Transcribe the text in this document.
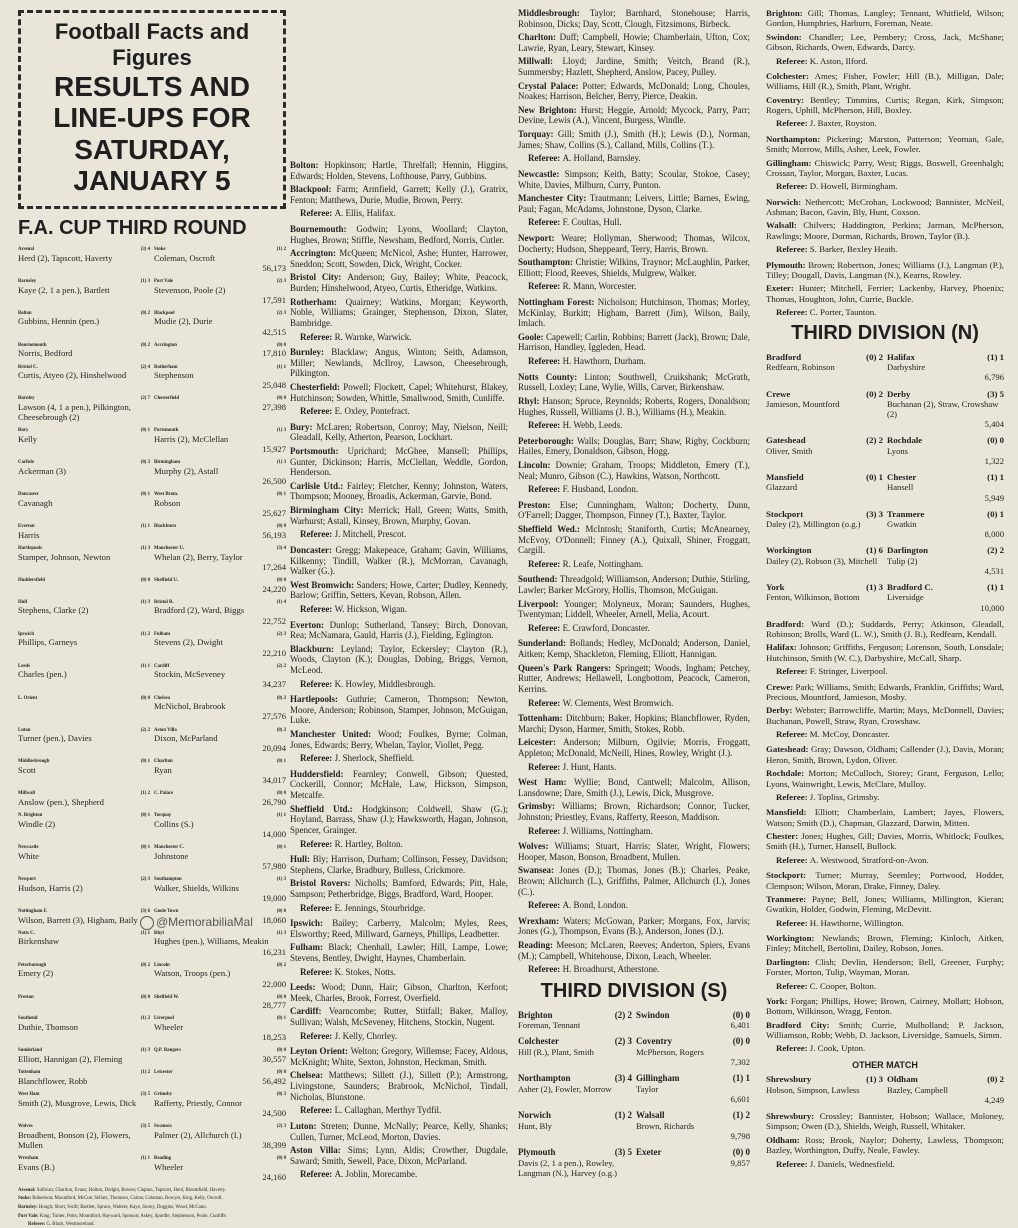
Football Facts and Figures
RESULTS AND LINE-UPS FOR
SATURDAY, JANUARY 5
F.A. CUP THIRD ROUND
Arsenal	(3) 4
Herd (2), Tapscott, Haverty
Stoke	(1) 2
Coleman, Oscroft
56,173
Barnsley	(1) 3
Kaye (2, 1 a pen.), Bartlett
Port Vale	(2) 3
Stevenson, Poole (2)
17,591
Bolton	(0) 2
Gubbins, Hennin (pen.)
Blackpool	(2) 3
Mudie (2), Durie
42,515
Bournemouth	(0) 2
Norris, Bedford
Accrington	(0) 0
17,810
Bristol C.	(2) 4
Curtis, Atyeo (2), Hinshelwood
Rotherham	(1) 1
Stephenson
25,048
Burnley	(2) 7
Lawson (4, 1 a pen.), Pilkington, Cheesebrough (2)
Chesterfield	(0) 0
27,398
Bury	(0) 1
Kelly
Portsmouth	(1) 3
Harris (2), McClellan
15,927
Carlisle	(0) 3
Ackerman (3)
Birmingham	(1) 3
Murphy (2), Astall
26,500
Doncaster	(0) 1
Cavanagh
West Brom.	(0) 1
Robson
25,627
Everton	(1) 1
Harris
Blackburn	(0) 0
56,193
Hartlepools	(1) 3
Stamper, Johnson, Newton
Manchester U.	(3) 4
Whelan (2), Berry, Taylor
17,264
Huddersfield	(0) 0 Sheffield U.	(0) 0
24,220
Hull	(1) 3
Stephens, Clarke (2)
Bristol R.	(1) 4
Bradford (2), Ward, Biggs
22,752
Ipswich	(1) 2
Phillips, Garneys
Fulham	(2) 3
Stevens (2), Dwight
22,210
Leeds	(1) 1
Charles (pen.)
Cardiff	(2) 2
Stockin, McSeveney
34,237
L. Orient	(0) 0 Chelsea	(0) 2
McNichol, Brabrook
27,576
Luton	(2) 2
Turner (pen.), Davies
Aston Villa	(0) 2
Dixon, McParland
20,094
Middlesbrough	(0) 1
Scott
Charlton	(0) 1
Ryan
34,017
Millwall	(1) 2
Anslow (pen.), Shepherd
C. Palace	(0) 0
26,790
N. Brighton	(0) 1
Windle (2)
Torquay	(1) 1
Collins (S.)
14,000
Newcastle	(0) 1
White
Manchester C.	(0) 1
Johnstone
57,980
Newport	(2) 3
Hudson, Harris (2)
Southampton	(1) 3
Walker, Shields, Wilkins
19,000
Nottingham F.	(3) 6
Wilson, Barrett (3), Higham, Baily
Goole Town	(0) 0
18,060
Notts C.	(1) 1
Birkenshaw
Rhyl	(1) 3
Hughes (pen.), Williams, Meakin
16,231
Peterborough	(0) 2
Emery (2)
Lincoln	(0) 2
Watson, Troops (pen.)
22,000
Preston	(0) 0 Sheffield W.	(0) 0
28,777
Southend	(1) 2
Duthie, Thomson
Liverpool	(0) 1
Wheeler
18,253
Sunderland	(1) 3
Elliott, Hannigan (2), Fleming
Q.P. Rangers	(0) 0
30,557
Tottenham	(1) 2
Blanchflower, Robb
Leicester	(0) 0
56,492
West Ham	(3) 5
Smith (2), Musgrove, Lewis, Dick
Grimsby	(0) 3
Rafferty, Priestly, Connor
24,500
Wolves	(3) 5
Broadbent, Bonson (2), Flowers, Mullen
Swansea	(2) 3
Palmer (2), Allchurch (I.)
38,399
Wrexham	(1) 1
Evans (B.)
Reading	(0) 0
Wheeler
24,160
Arsenal: Sullivan; Charlton, Evans; Holton, Dodgin, Bowen; Clapton, Tapscott, Herd, Bloomfield, Haverty.
Stoke: Robertson; Mountford, McCue; Sellars, Thomson, Cairns; Coleman, Bowyer, King, Kelly, Oscroft.
Barnsley: Hough; Short, Swift; Bartlett, Spruce, Walters; Kaye, Storey, Duggins, Wood, McCann.
Port Vale: King; Turner, Potts; Mountford, Hayward, Sproson; Askey, Spurdle, Stephenson, Poole, Cunliffe.
Referee: G. Black, Westmoreland.
@MemorabiliaMal
Bolton: Hopkinson; Hartle, Threlfall; Hennin, Higgins, Edwards; Holden, Stevens, Lofthouse, Parry, Gubbins.
Blackpool: Farm; Armfield, Garrett; Kelly (J.), Gratrix, Fenton; Matthews, Durie, Mudie, Brown, Perry.
Referee: A. Ellis, Halifax.
Bournemouth: Godwin; Lyons, Woollard; Clayton, Hughes, Brown; Stiffle, Newsham, Bedford, Norris, Cutler.
Accrington: McQueen; McNicol, Ashe; Hunter, Harrower, Sneddon; Scott, Sowden, Dick, Wright, Cocker.
Bristol City: Anderson; Guy, Bailey; White, Peacock, Burden; Hinshelwood, Atyeo, Curtis, Etheridge, Watkins.
Rotherham: Quairney; Watkins, Morgan; Keyworth, Noble, Williams; Grainger, Stephenson, Dixon, Slater, Bambridge.
Referee: R. Warnke, Warwick.
Burnley: Blacklaw; Angus, Winton; Seith, Adamson, Miller; Newlands, McIlroy, Lawson, Cheesebrough, Pilkington.
Chesterfield: Powell; Flockett, Capel; Whitehurst, Blakey, Hutchinson; Sowden, Whittle, Smallwood, Smith, Cunliffe.
Referee: E. Oxley, Pontefract.
Bury: McLaren; Robertson, Conroy; May, Nielson, Neill; Gleadall, Kelly, Atherton, Pearson, Lockhart.
Portsmouth: Uprichard; McGhee, Mansell; Phillips, Gunter, Dickinson; Harris, McClellan, Weddle, Gordon, Henderson.
Carlisle Utd.: Fairley; Fletcher, Kenny; Johnston, Waters, Thompson; Mooney, Broadis, Ackerman, Garvie, Bond.
Birmingham City: Merrick; Hall, Green; Watts, Smith, Warhurst; Astall, Kinsey, Brown, Murphy, Govan.
Referee: J. Mitchell, Prescot.
Doncaster: Gregg; Makepeace, Graham; Gavin, Williams, Kilkenny; Tindill, Walker (R.), McMorran, Cavanagh, Walker (G.).
West Bromwich: Sanders; Howe, Carter; Dudley, Kennedy, Barlow; Griffin, Setters, Kevan, Robson, Allen.
Referee: W. Hickson, Wigan.
Everton: Dunlop; Sutherland, Tansey; Birch, Donovan, Rea; McNamara, Gauld, Harris (J.), Fielding, Eglington.
Blackburn: Leyland; Taylor, Eckersley; Clayton (R.), Woods, Clayton (K.); Douglas, Dobing, Briggs, Vernon, McLeod.
Referee: K. Howley, Middlesbrough.
Hartlepools: Guthrie; Cameron, Thompson; Newton, Moore, Anderson; Robinson, Stamper, Johnson, McGuigan, Luke.
Manchester United: Wood; Foulkes, Byrne; Colman, Jones, Edwards; Berry, Whelan, Taylor, Viollet, Pegg.
Referee: J. Sherlock, Sheffield.
Huddersfield: Fearnley; Conwell, Gibson; Quested, Cockerill, Connor; McHale, Law, Hickson, Simpson, Metcalfe.
Sheffield Utd.: Hodgkinson; Coldwell, Shaw (G.); Hoyland, Barrass, Shaw (J.); Hawksworth, Hagan, Johnson, Spencer, Grainger.
Referee: R. Hartley, Bolton.
Hull: Bly; Harrison, Durham; Collinson, Fessey, Davidson; Stephens, Clarke, Bradbury, Bulless, Crickmore.
Bristol Rovers: Nicholls; Bamford, Edwards; Pitt, Hale, Sampson; Petherbridge, Biggs, Bradford, Ward, Hooper.
Referee: E. Jennings, Stourbridge.
Ipswich: Bailey; Carberry, Malcolm; Myles, Rees, Elsworthy; Reed, Millward, Garneys, Phillips, Leadbetter.
Fulham: Black; Chenhall, Lawler; Hill, Lampe, Lowe; Stevens, Bentley, Dwight, Haynes, Chamberlain.
Referee: K. Stokes, Notts.
Leeds: Wood; Dunn, Hair; Gibson, Charlton, Kerfoot; Meek, Charles, Brook, Forrest, Overfield.
Cardiff: Vearncombe; Rutter, Stitfall; Baker, Malloy, Sullivan; Walsh, McSeveney, Hitchens, Stockin, Nugent.
Referee: J. Kelly, Chorley.
Leyton Orient: Welton; Gregory, Willemse; Facey, Aldous, McKnight; White, Sexton, Johnston, Heckman, Smith.
Chelsea: Matthews; Sillett (J.), Sillett (P.); Armstrong, Livingstone, Saunders; Brabrook, McNichol, Tindall, Nicholas, Blunstone.
Referee: L. Callaghan, Merthyr Tydfil.
Luton: Streten; Dunne, McNally; Pearce, Kelly, Shanks; Cullen, Turner, McLeod, Morton, Davies.
Aston Villa: Sims; Lynn, Aldis; Crowther, Dugdale, Saward; Smith, Sewell, Pace, Dixon, McParland.
Referee: A. Joblin, Morecambe.
Middlesbrough: Taylor; Barnhard, Stonehouse; Harris, Robinson, Dicks; Day, Scott, Clough, Fitzsimons, Birbeck.
Charlton: Duff; Campbell, Howie; Chamberlain, Ufton, Cox; Lawrie, Ryan, Leary, Stewart, Kinsey.
Millwall: Lloyd; Jardine, Smith; Veitch, Brand (R.), Summersby; Hazlett, Shepherd, Anslow, Pacey, Pulley.
Crystal Palace: Potter; Edwards, McDonald; Long, Choules, Noakes; Harrison, Belcher, Berry, Pierce, Deakin.
New Brighton: Hurst; Heggie, Arnold; Mycock, Parry, Parr; Devine, Lewis (A.), Vincent, Burgess, Windle.
Torquay: Gill; Smith (J.), Smith (H.); Lewis (D.), Norman, James; Shaw, Collins (S.), Calland, Mills, Collins (T.).
Referee: A. Holland, Barnsley.
Newcastle: Simpson; Keith, Batty; Scoular, Stokoe, Casey; White, Davies, Milburn, Curry, Punton.
Manchester City: Trautmann; Leivers, Little; Barnes, Ewing, Paul; Fagan, McAdams, Johnstone, Dyson, Clarke.
Referee: F. Coultas, Hull.
Newport: Weare; Hollyman, Sherwood; Thomas, Wilcox, Docherty; Hudson, Sheppeard, Terry, Harris, Brown.
Southampton: Christie; Wilkins, Traynor; McLaughlin, Parker, Elliott; Flood, Reeves, Shields, Mulgrew, Walker.
Referee: R. Mann, Worcester.
Nottingham Forest: Nicholson; Hutchinson, Thomas; Morley, McKinlay, Burkitt; Higham, Barrett (Jim), Wilson, Baily, Imlach.
Goole: Capewell; Carlin, Robbins; Barrett (Jack), Brown; Dale, Harrison, Handley, Iggleden, Head.
Referee: H. Hawthorn, Durham.
Notts County: Linton; Southwell, Cruikshank; McGrath, Russell, Loxley; Lane, Wylie, Wills, Carver, Birkenshaw.
Rhyl: Hanson; Spruce, Reynolds; Roberts, Rogers, Donaldson; Hughes, Russell, Williams (J. B.), Williams (H.), Meakin.
Referee: H. Webb, Leeds.
Peterborough: Walls; Douglas, Barr; Shaw, Rigby, Cockburn; Hailes, Emery, Donaldson, Gibson, Hogg.
Lincoln: Downie; Graham, Troops; Middleton, Emery (T.), Neal; Munro, Gibson (C.), Hawkins, Watson, Northcott.
Referee: F. Husband, London.
Preston: Else; Cunningham, Walton; Docherty, Dunn, O'Farrell; Dagger, Thompson, Finney (T.), Baxter, Taylor.
Sheffield Wed.: McIntosh; Staniforth, Curtis; McAnearney, McEvoy, O'Donnell; Finney (A.), Quixall, Shiner, Froggatt, Cargill.
Referee: R. Leafe, Nottingham.
Southend: Threadgold; Williamson, Anderson; Duthie, Stirling, Lawler; Barker McGrory, Hollis, Thomson, McGuigan.
Liverpool: Younger; Molyneux, Moran; Saunders, Hughes, Twentyman; Liddell, Wheeler, Arnell, Melia, Acourt.
Referee: E. Crawford, Doncaster.
Sunderland: Bollands; Hedley, McDonald; Anderson, Daniel, Aitken; Kemp, Shackleton, Fleming, Elliott, Hannigan.
Queen's Park Rangers: Springett; Woods, Ingham; Petchey, Rutter, Andrews; Hellawell, Longbottom, Peacock, Cameron, Kerrins.
Referee: W. Clements, West Bromwich.
Tottenham: Ditchburn; Baker, Hopkins; Blanchflower, Ryden, Marchi; Dyson, Harmer, Smith, Stokes, Robb.
Leicester: Anderson; Milburn, Ogilvie; Morris, Froggatt, Appleton; McDonald, McNeill, Hines, Rowley, Wright (J.).
Referee: J. Hunt, Hants.
West Ham: Wyllie; Bond, Cantwell; Malcolm, Allison, Lansdowne; Dare, Smith (J.), Lewis, Dick, Musgrove.
Grimsby: Williams; Brown, Richardson; Connor, Tucker, Johnston; Priestley, Evans, Rafferty, Reeson, Maddison.
Referee: J. Williams, Nottingham.
Wolves: Williams; Stuart, Harris; Slater, Wright, Flowers; Hooper, Mason, Bonson, Broadbent, Mullen.
Swansea: Jones (D.); Thomas, Jones (B.); Charles, Peake, Brown; Allchurch (L.), Griffiths, Palmer, Allchurch (I.), Jones (C.).
Referee: A. Bond, London.
Wrexham: Waters; McGowan, Parker; Morgans, Fox, Jarvis; Jones (G.), Thompson, Evans (B.), Anderson, Jones (D.).
Reading: Meeson; McLaren, Reeves; Anderton, Spiers, Evans (M.); Campbell, Whitehouse, Dixon, Leach, Wheeler.
Referee: H. Broadhurst, Atherstone.
THIRD DIVISION (S)
Brighton	(2) 2
Foreman, Tennant
Swindon	(0) 0
6,401
Colchester	(2) 3
Hill (R.), Plant, Smith
Coventry	(0) 0
McPherson, Rogers
7,302
Northampton	(3) 4
Asher (2), Fowler, Morrow
Gillingham	(1) 1
Taylor
6,601
Norwich	(1) 2
Hunt, Bly
Walsall	(1) 2
Brown, Richards
9,798
Plymouth	(3) 5
Davis (2, 1 a pen.), Rowley, Langman (N.), Harvey (o.g.)
Exeter	(0) 0
9,857
Brighton: Gill; Thomas, Langley; Tennant, Whitfield, Wilson; Gordon, Humphries, Harburn, Foreman, Neate.
Swindon: Chandler; Lee, Pembery; Cross, Jack, McShane; Gibson, Richards, Owen, Edwards, Darcy.
Referee: K. Aston, Ilford.
Colchester: Ames; Fisher, Fowler; Hill (B.), Milligan, Dale; Williams, Hill (R.), Smith, Plant, Wright.
Coventry: Bentley; Timmins, Curtis; Regan, Kirk, Simpson; Rogers, Uphill, McPherson, Hill, Boxley.
Referee: J. Baxter, Royston.
Northampton: Pickering; Marston, Patterson; Yeoman, Gale, Smith; Morrow, Mills, Asher, Leek, Fowler.
Gillingham: Chiswick; Parry, West; Riggs, Boswell, Greenhalgh; Crossan, Taylor, Morgan, Baxter, Lucas.
Referee: D. Howell, Birmingham.
Norwich: Nethercott; McCrohan, Lockwood; Bannister, McNeil, Ashman; Bacon, Gavin, Bly, Hunt, Coxson.
Walsall: Chilvers; Haddington, Perkins; Jarman, McPherson, Rawlings; Moore, Dorman, Richards, Brown, Taylor (B.).
Referee: S. Barker, Bexley Heath.
Plymouth: Brown; Robertson, Jones; Williams (J.), Langman (P.), Tilley; Dougall, Davis, Langman (N.), Kearns, Rowley.
Exeter: Hunter; Mitchell, Ferrier; Lackenby, Harvey, Phoenix; Thomas, Houghton, John, Currie, Buckle.
Referee: C. Porter, Taunton.
THIRD DIVISION (N)
Bradford	(0) 2
Redfearn, Robinson
Halifax	(1) 1
Darbyshire
6,796
Crewe	(0) 2
Jamieson, Mountford
Derby	(3) 5
Buchanan (2), Straw, Crowshaw (2)
5,404
Gateshead	(2) 2
Oliver, Smith
Rochdale	(0) 0
Lyons
1,322
Mansfield	(0) 1
Glazzard
Chester	(1) 1
Hansell
5,949
Stockport	(3) 3
Daley (2), Millington (o.g.)
Tranmere	(0) 1
Gwatkin
8,000
Workington	(1) 6
Dailey (2), Robson (3), Mitchell
Darlington	(2) 2
Tulip (2)
4,531
York	(1) 3
Fenton, Wilkinson, Bottom
Bradford C.	(1) 1
Liversidge
10,000
Bradford: Ward (D.); Suddards, Perry; Atkinson, Gleadall, Robinson; Brolls, Ward (L. W.), Smith (J. B.), Redfearn, Kendall.
Halifax: Johnson; Griffiths, Ferguson; Lorenson, South, Lonsdale; Hutchinson, Smith (W. C.), Darbyshire, McCall, Sharp.
Referee: F. Stringer, Liverpool.
Crewe: Park; Williams, Smith; Edwards, Franklin, Griffiths; Ward, Precious, Mountford, Jamieson, Mosby.
Derby: Webster; Barrowcliffe, Martin; Mays, McDonnell, Davies; Buchanan, Powell, Straw, Ryan, Crowshaw.
Referee: M. McCoy, Doncaster.
Gateshead: Gray; Dawson, Oldham; Callender (J.), Davis, Moran; Heron, Smith, Brown, Lydon, Oliver.
Rochdale: Morton; McCulloch, Storey; Grant, Ferguson, Lello; Lyons, Wainwright, Lewis, McClare, Mulloy.
Referee: J. Topliss, Grimsby.
Mansfield: Elliott; Chamberlain, Lambert; Jayes, Flowers, Watson; Smith (D.), Chapman, Glazzard, Darwin, Mitten.
Chester: Jones; Hughes, Gill; Davies, Morris, Whitlock; Foulkes, Smith (H.), Turner, Hansell, Bullock.
Referee: A. Westwood, Stratford-on-Avon.
Stockport: Turner; Murray, Seemley; Portwood, Hodder, Clempson; Wilson, Moran, Drake, Finney, Daley.
Tranmere: Payne; Bell, Jones; Williams, Millington, Kieran; Gwatkin, Holder, Godwin, Fleming, McDevitt.
Referee: H. Hawthorne, Willington.
Workington: Newlands; Brown, Fleming; Kinloch, Aitken, Finley; Mitchell, Bertolini, Dailey, Robson, Jones.
Darlington: Clish; Devlin, Henderson; Bell, Greener, Furphy; Forster, Morton, Tulip, Wayman, Moran.
Referee: C. Cooper, Bolton.
York: Forgan; Phillips, Howe; Brown, Cairney, Mollatt; Hobson, Bottom, Wilkinson, Wragg, Fenton.
Bradford City: Smith; Currie, Mulholland; P. Jackson, Williamson, Robb; Webb, D. Jackson, Liversidge, Samuels, Simm.
Referee: J. Cook, Upton.
OTHER MATCH
Shrewsbury	(1) 3
Hobson, Simpson, Lawless
Oldham	(0) 2
Bazley, Campbell
4,249
Shrewsbury: Crossley; Bannister, Hobson; Wallace, Moloney, Simpson; Owen (D.), Shields, Weigh, Russell, Whitaker.
Oldham: Ross; Brook, Naylor; Doherty, Lawless, Thompson; Bazley, Worthington, Duffy, Neale, Fawley.
Referee: J. Daniels, Wednesfield.
